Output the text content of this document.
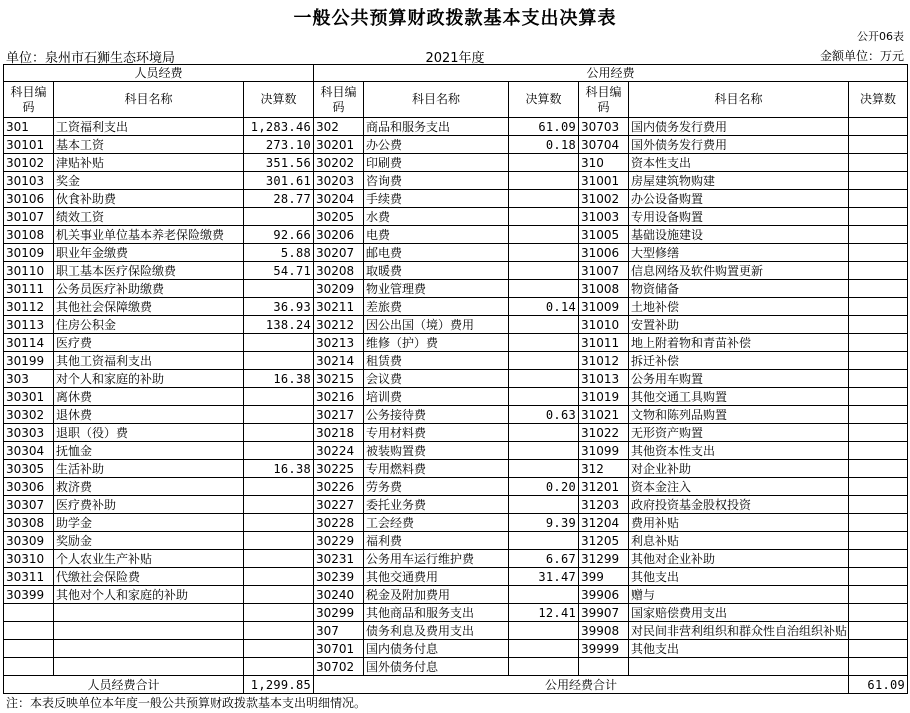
一般公共预算财政拨款基本支出决算表
公开06表
单位：泉州市石狮生态环境局	2021年度	金额单位：万元
人员经费			公用经费					
科目编码	科目名称	决算数	科目编码	科目名称	决算数	科目编码	科目名称	决算数
301	工资福利支出	1,283.46	302	商品和服务支出	61.09	30703	国内债务发行费用	
30101	基本工资	273.10	30201	办公费	0.18	30704	国外债务发行费用	
30102	津贴补贴	351.56	30202	印刷费		310	资本性支出	
30103	奖金	301.61	30203	咨询费		31001	房屋建筑物购建	
30106	伙食补助费	28.77	30204	手续费		31002	办公设备购置	
30107	绩效工资		30205	水费		31003	专用设备购置	
30108	机关事业单位基本养老保险缴费	92.66	30206	电费		31005	基础设施建设	
30109	职业年金缴费	5.88	30207	邮电费		31006	大型修缮	
30110	职工基本医疗保险缴费	54.71	30208	取暖费		31007	信息网络及软件购置更新	
30111	公务员医疗补助缴费		30209	物业管理费		31008	物资储备	
30112	其他社会保障缴费	36.93	30211	差旅费	0.14	31009	土地补偿	
30113	住房公积金	138.24	30212	因公出国（境）费用		31010	安置补助	
30114	医疗费		30213	维修（护）费		31011	地上附着物和青苗补偿	
30199	其他工资福利支出		30214	租赁费		31012	拆迁补偿	
303	对个人和家庭的补助	16.38	30215	会议费		31013	公务用车购置	
30301	离休费		30216	培训费		31019	其他交通工具购置	
30302	退休费		30217	公务接待费	0.63	31021	文物和陈列品购置	
30303	退职（役）费		30218	专用材料费		31022	无形资产购置	
30304	抚恤金		30224	被装购置费		31099	其他资本性支出	
30305	生活补助	16.38	30225	专用燃料费		312	对企业补助	
30306	救济费		30226	劳务费	0.20	31201	资本金注入	
30307	医疗费补助		30227	委托业务费		31203	政府投资基金股权投资	
30308	助学金		30228	工会经费	9.39	31204	费用补贴	
30309	奖励金		30229	福利费		31205	利息补贴	
30310	个人农业生产补贴		30231	公务用车运行维护费	6.67	31299	其他对企业补助	
30311	代缴社会保险费		30239	其他交通费用	31.47	399	其他支出	
30399	其他对个人和家庭的补助		30240	税金及附加费用		39906	赠与	
			30299	其他商品和服务支出	12.41	39907	国家赔偿费用支出	
			307	债务利息及费用支出		39908	对民间非营利组织和群众性自治组织补贴	
			30701	国内债务付息		39999	其他支出	
			30702	国外债务付息				
人员经费合计		1,299.85	公用经费合计					61.09
注：本表反映单位本年度一般公共预算财政拨款基本支出明细情况。
